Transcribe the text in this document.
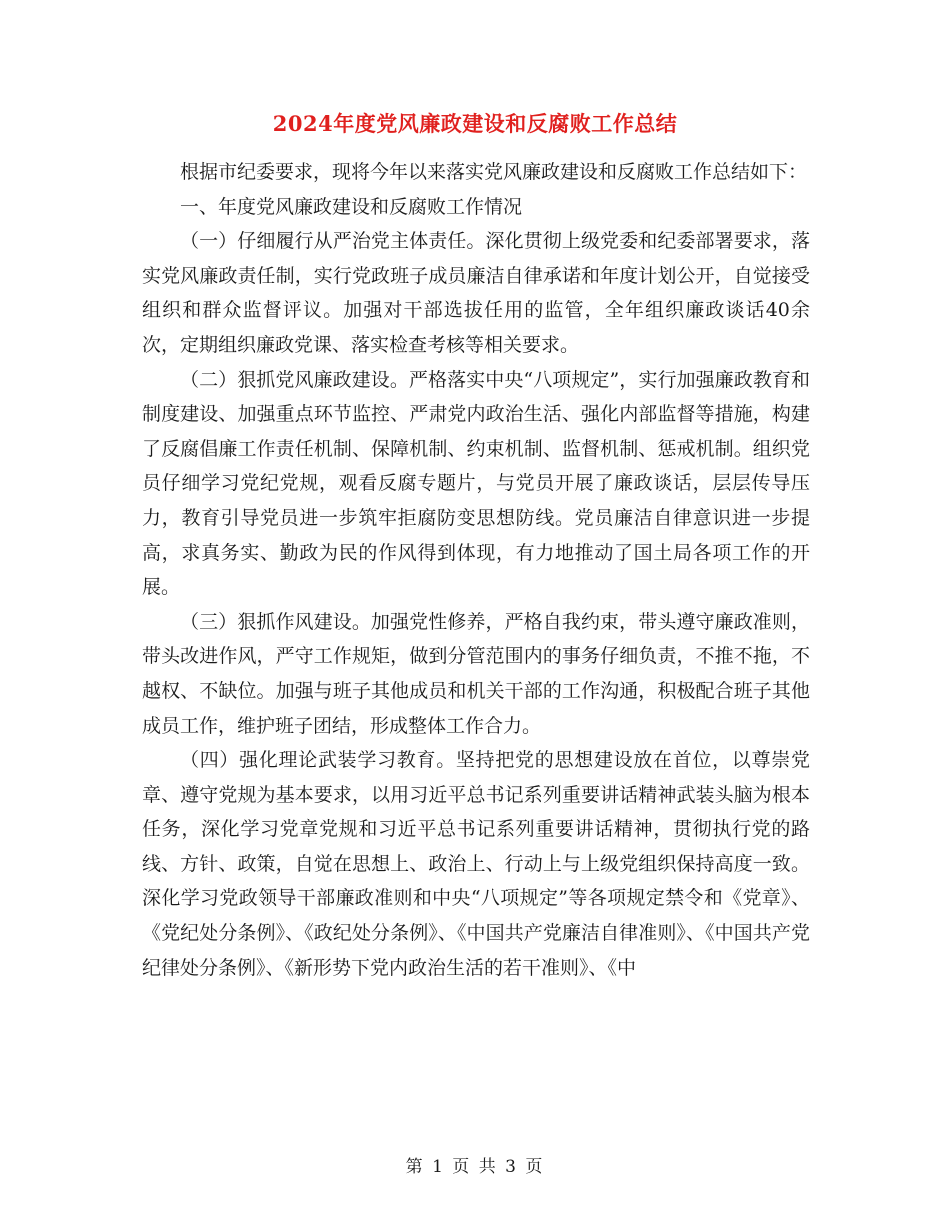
2024年度党风廉政建设和反腐败工作总结

根据市纪委要求，现将今年以来落实党风廉政建设和反腐败工作总结如下：

一、年度党风廉政建设和反腐败工作情况

（一）仔细履行从严治党主体责任。深化贯彻上级党委和纪委部署要求，落实党风廉政责任制，实行党政班子成员廉洁自律承诺和年度计划公开，自觉接受组织和群众监督评议。加强对干部选拔任用的监管，全年组织廉政谈话40余次，定期组织廉政党课、落实检查考核等相关要求。

（二）狠抓党风廉政建设。严格落实中央“八项规定”，实行加强廉政教育和制度建设、加强重点环节监控、严肃党内政治生活、强化内部监督等措施，构建了反腐倡廉工作责任机制、保障机制、约束机制、监督机制、惩戒机制。组织党员仔细学习党纪党规，观看反腐专题片，与党员开展了廉政谈话，层层传导压力，教育引导党员进一步筑牢拒腐防变思想防线。党员廉洁自律意识进一步提高，求真务实、勤政为民的作风得到体现，有力地推动了国土局各项工作的开展。

（三）狠抓作风建设。加强党性修养，严格自我约束，带头遵守廉政准则，带头改进作风，严守工作规矩，做到分管范围内的事务仔细负责，不推不拖，不越权、不缺位。加强与班子其他成员和机关干部的工作沟通，积极配合班子其他成员工作，维护班子团结，形成整体工作合力。

（四）强化理论武装学习教育。坚持把党的思想建设放在首位，以尊崇党章、遵守党规为基本要求，以用习近平总书记系列重要讲话精神武装头脑为根本任务，深化学习党章党规和习近平总书记系列重要讲话精神，贯彻执行党的路线、方针、政策，自觉在思想上、政治上、行动上与上级党组织保持高度一致。深化学习党政领导干部廉政准则和中央“八项规定”等各项规定禁令和《党章》、《党纪处分条例》、《政纪处分条例》、《中国共产党廉洁自律准则》、《中国共产党纪律处分条例》、《新形势下党内政治生活的若干准则》、《中

第 1 页 共 3 页
